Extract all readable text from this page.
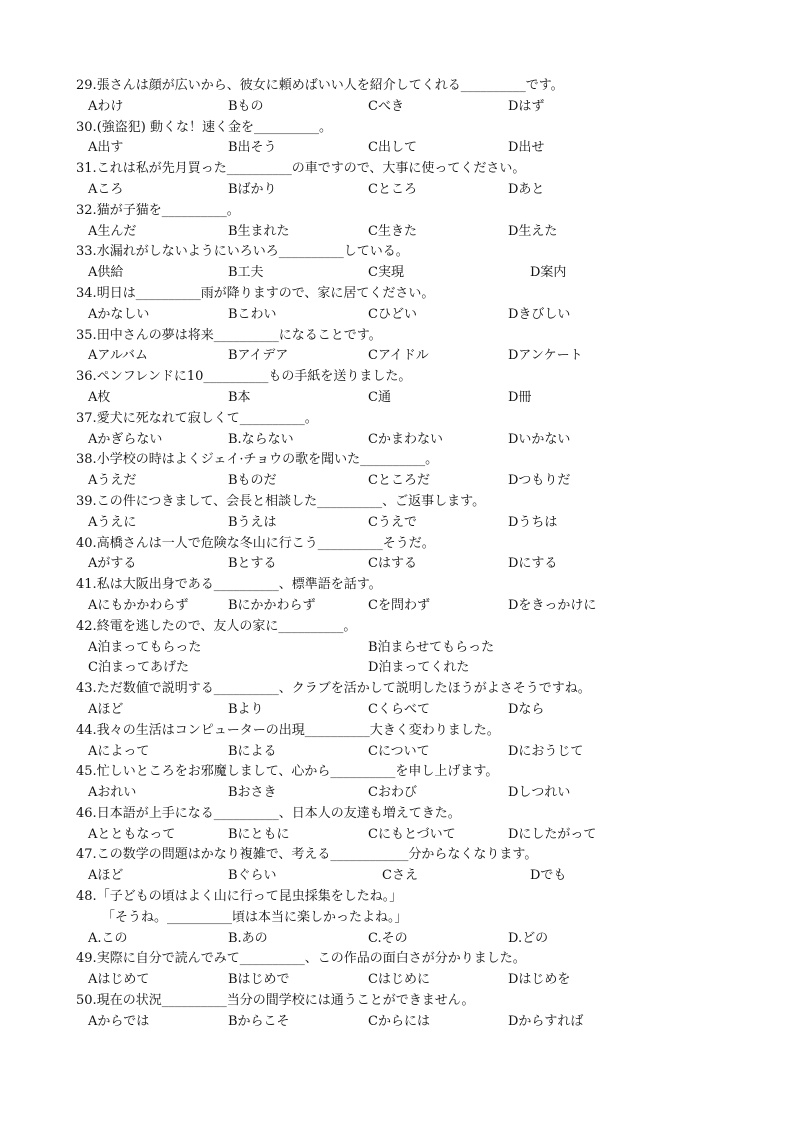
29.張さんは顔が広いから、彼女に頼めばいい人を紹介してくれる__________です。
Aわけ	Bもの	Cべき	Dはず
30.(強盗犯) 動くな！速く金を__________。
A出す	B出そう	C出して	D出せ
31.これは私が先月買った__________の車ですので、大事に使ってください。
Aころ	Bばかり	Cところ	Dあと
32.猫が子猫を__________。
A生んだ	B生まれた	C生きた	D生えた
33.水漏れがしないようにいろいろ__________している。
A供給	B工夫	C実現	D案内
34.明日は__________雨が降りますので、家に居てください。
Aかなしい	Bこわい	Cひどい	Dきびしい
35.田中さんの夢は将来__________になることです。
Aアルバム	Bアイデア	Cアイドル	Dアンケート
36.ペンフレンドに10__________もの手紙を送りました。
A枚	B本	C通	D冊
37.愛犬に死なれて寂しくて__________。
Aかぎらない	B.ならない	Cかまわない	Dいかない
38.小学校の時はよくジェイ·チョウの歌を聞いた__________。
Aうえだ	Bものだ	Cところだ	Dつもりだ
39.この件につきまして、会長と相談した__________、ご返事します。
Aうえに	Bうえは	Cうえで	Dうちは
40.高橋さんは一人で危険な冬山に行こう__________そうだ。
Aがする	Bとする	Cはする	Dにする
41.私は大阪出身である__________、標準語を話す。
Aにもかかわらず	Bにかかわらず	Cを問わず	Dをきっかけに
42.終電を逃したので、友人の家に__________。
A泊まってもらった	B泊まらせてもらった
C泊まってあげた	D泊まってくれた
43.ただ数値で説明する__________、クラブを活かして説明したほうがよさそうですね。
Aほど	Bより	Cくらべて	Dなら
44.我々の生活はコンピューターの出現__________大きく変わりました。
Aによって	Bによる	Cについて	Dにおうじて
45.忙しいところをお邪魔しまして、心から__________を申し上げます。
Aおれい	Bおさき	Cおわび	Dしつれい
46.日本語が上手になる__________、日本人の友達も増えてきた。
Aとともなって	Bにともに	Cにもとづいて	Dにしたがって
47.この数学の問題はかなり複雑で、考える____________分からなくなります。
Aほど	Bぐらい	Cさえ	Dでも
48.「子どもの頃はよく山に行って昆虫採集をしたね。」
「そうね。__________頃は本当に楽しかったよね。」
A.この	B.あの	C.その	D.どの
49.実際に自分で読んでみて__________、この作品の面白さが分かりました。
Aはじめて	Bはじめで	Cはじめに	Dはじめを
50.現在の状況__________当分の間学校には通うことができません。
Aからでは	Bからこそ	Cからには	Dからすれば
